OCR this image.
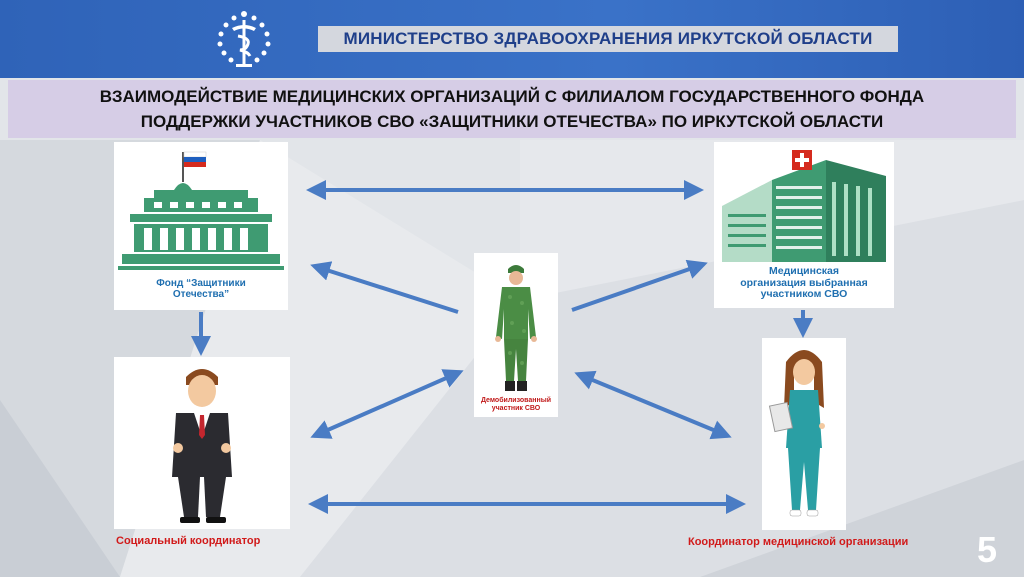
МИНИСТЕРСТВО ЗДРАВООХРАНЕНИЯ ИРКУТСКОЙ ОБЛАСТИ
ВЗАИМОДЕЙСТВИЕ МЕДИЦИНСКИХ ОРГАНИЗАЦИЙ С ФИЛИАЛОМ ГОСУДАРСТВЕННОГО ФОНДА
ПОДДЕРЖКИ УЧАСТНИКОВ СВО «ЗАЩИТНИКИ ОТЕЧЕСТВА» ПО ИРКУТСКОЙ ОБЛАСТИ
Фонд “Защитники
Отечества”
Медицинская
организация выбранная
участником СВО
Демобилизованный
участник СВО
Социальный координатор	Координатор медицинской организации 5
